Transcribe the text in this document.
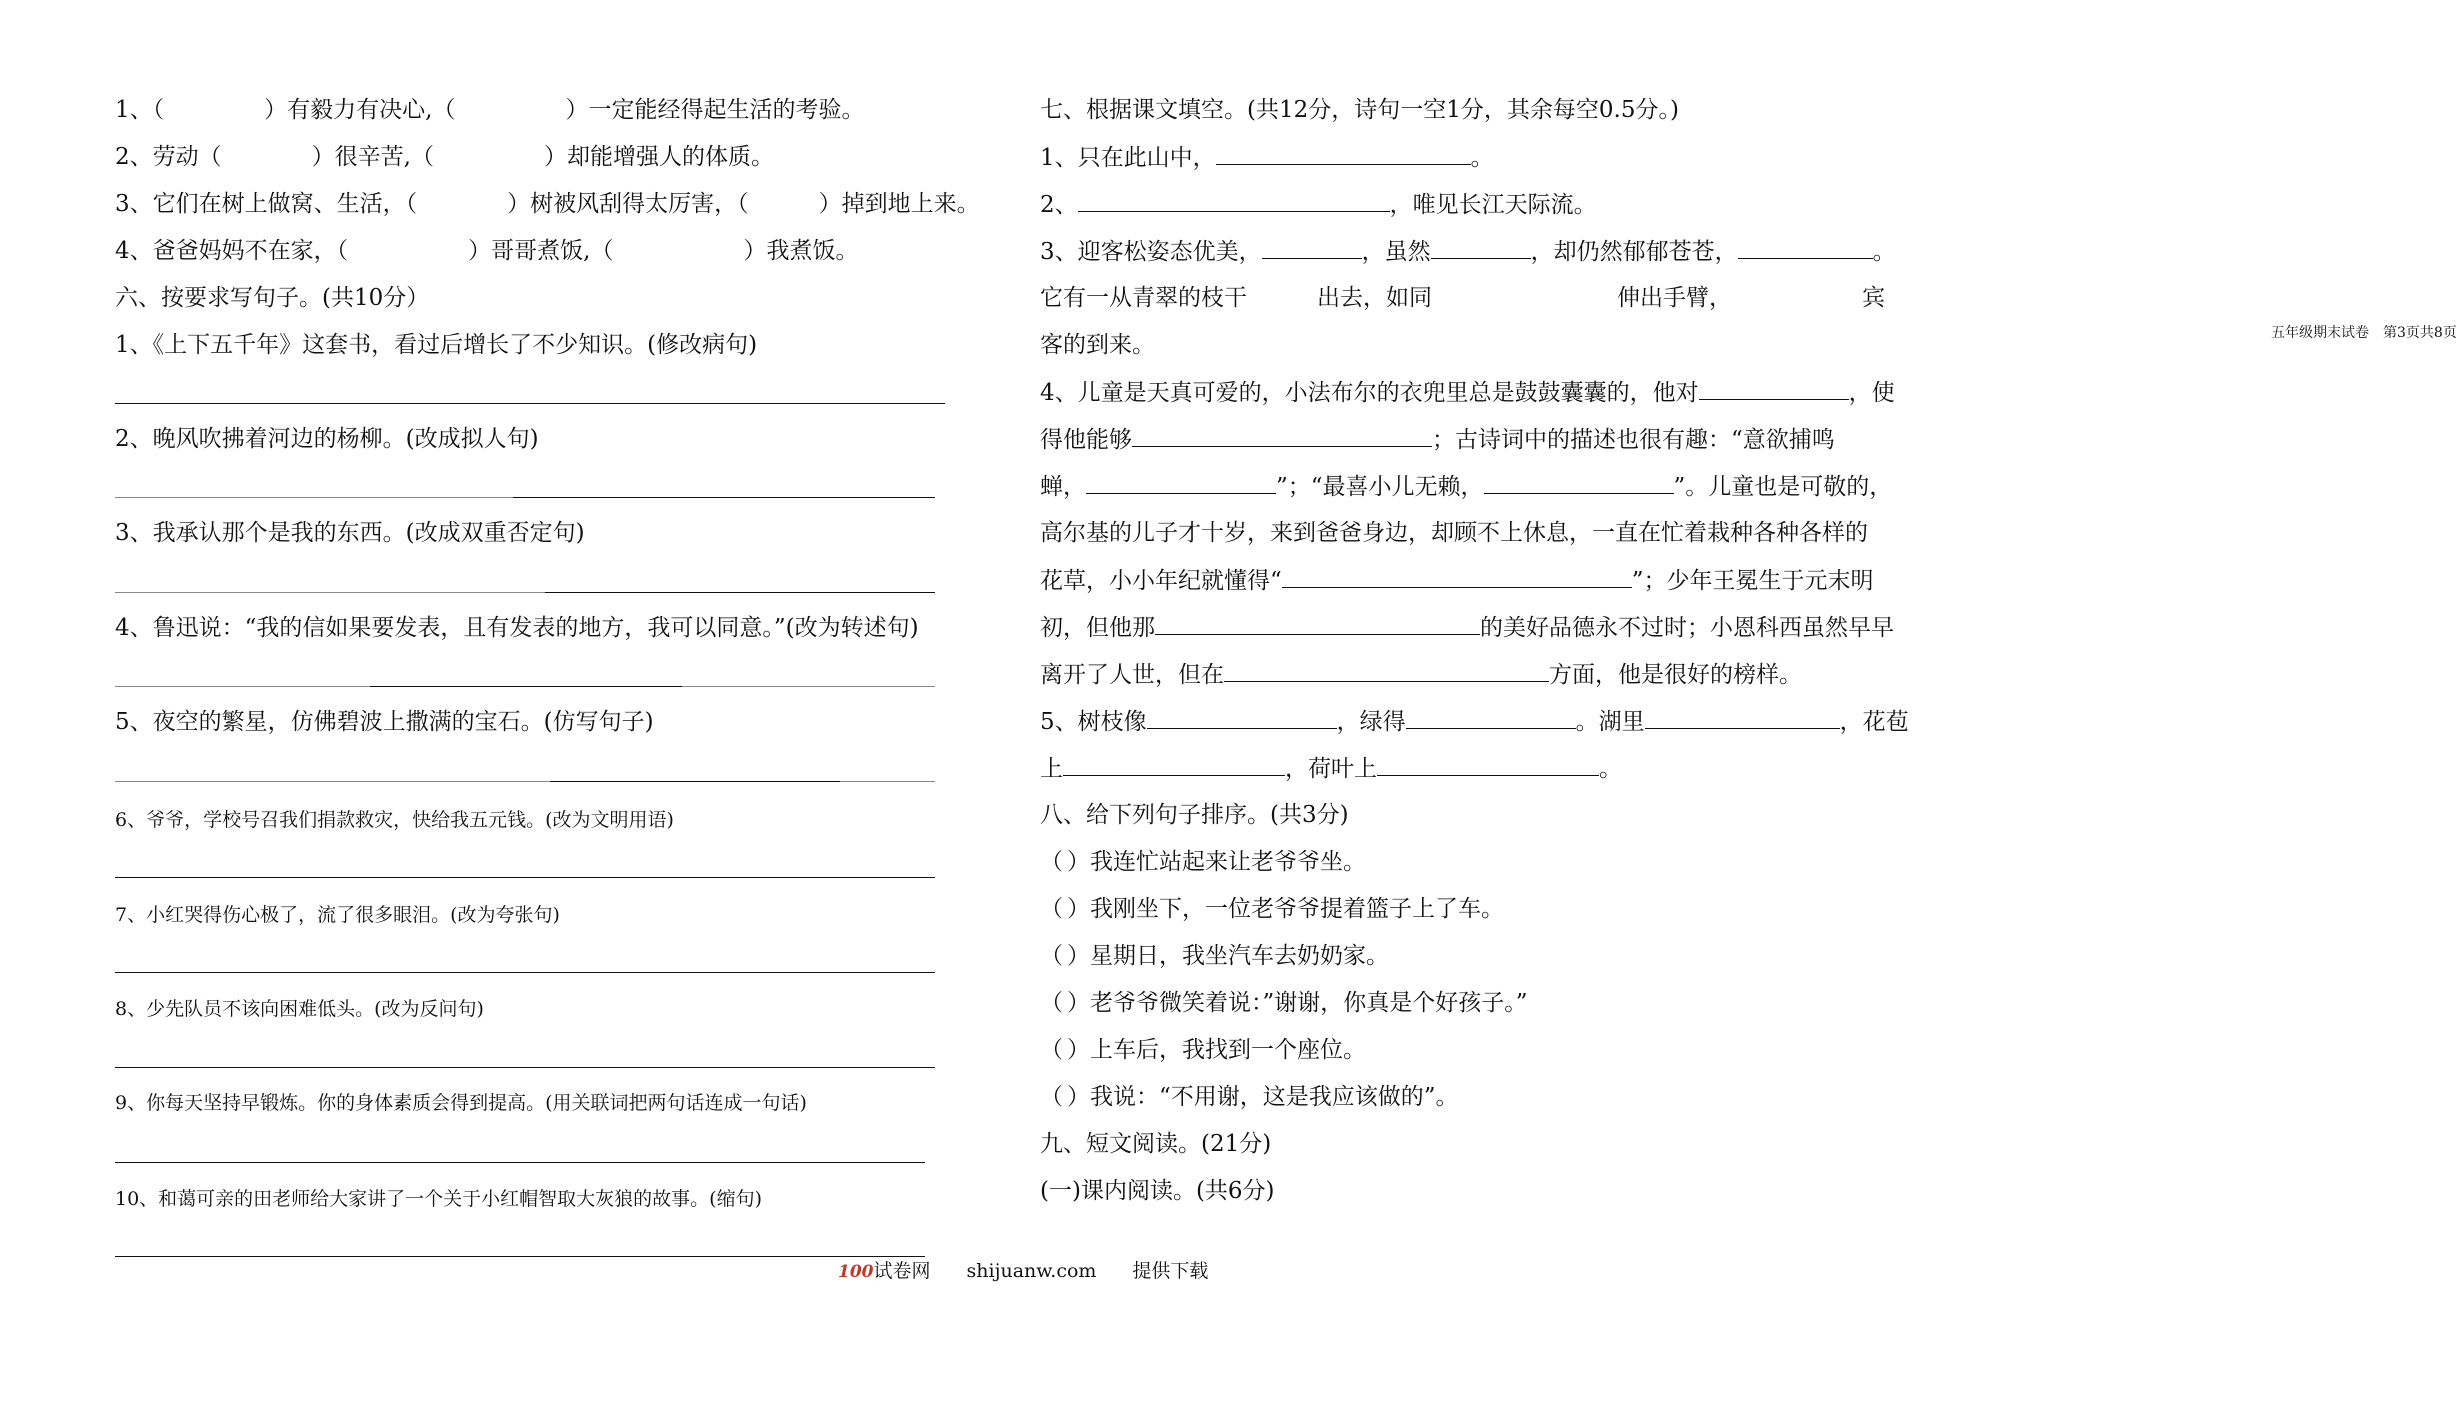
1、（	）有毅力有决心,（	）一定能经得起生活的考验。
2、劳动（	）很辛苦,（	）却能增强人的体质。
3、它们在树上做窝、生活，（	）树被风刮得太厉害，（	）掉到地上来。
4、爸爸妈妈不在家，（	）哥哥煮饭,（	）我煮饭。
六、按要求写句子。(共10分）
1、《上下五千年》这套书，看过后增长了不少知识。(修改病句)
2、晚风吹拂着河边的杨柳。(改成拟人句)
3、我承认那个是我的东西。(改成双重否定句)
4、鲁迅说：“我的信如果要发表，且有发表的地方，我可以同意。”(改为转述句)
5、夜空的繁星，仿佛碧波上撒满的宝石。(仿写句子)
6、爷爷，学校号召我们捐款救灾，快给我五元钱。(改为文明用语)
7、小红哭得伤心极了，流了很多眼泪。(改为夸张句)
8、少先队员不该向困难低头。(改为反问句)
9、你每天坚持早锻炼。你的身体素质会得到提高。(用关联词把两句话连成一句话)
10、和蔼可亲的田老师给大家讲了一个关于小红帽智取大灰狼的故事。(缩句)
七、根据课文填空。(共12分，诗句一空1分，其余每空0.5分。)
1、只在此山中，	。
2、	，唯见长江天际流。
3、迎客松姿态优美，	，虽然	，却仍然郁郁苍苍，	。
它有一从青翠的枝干	出去，如同	伸出手臂，	宾
客的到来。	五年级期末试卷　第3页共8页
4、儿童是天真可爱的，小法布尔的衣兜里总是鼓鼓囊囊的，他对	，使
得他能够	；古诗词中的描述也很有趣：“意欲捕鸣
蝉，	”；“最喜小儿无赖，	”。儿童也是可敬的，
高尔基的儿子才十岁，来到爸爸身边，却顾不上休息，一直在忙着栽种各种各样的
花草，小小年纪就懂得“	”；少年王冕生于元末明
初，但他那	的美好品德永不过时；小恩科西虽然早早
离开了人世，但在	方面，他是很好的榜样。
5、树枝像	，绿得	。湖里	，花苞
上	，荷叶上	。
八、给下列句子排序。(共3分)
（ ）我连忙站起来让老爷爷坐。
（ ）我刚坐下，一位老爷爷提着篮子上了车。
（ ）星期日，我坐汽车去奶奶家。
（ ）老爷爷微笑着说：”谢谢，你真是个好孩子。”
（ ）上车后，我找到一个座位。
（ ）我说：“不用谢，这是我应该做的”。
九、短文阅读。(21分)
(一)课内阅读。(共6分)
100试卷网 shijuanw.com 提供下载
